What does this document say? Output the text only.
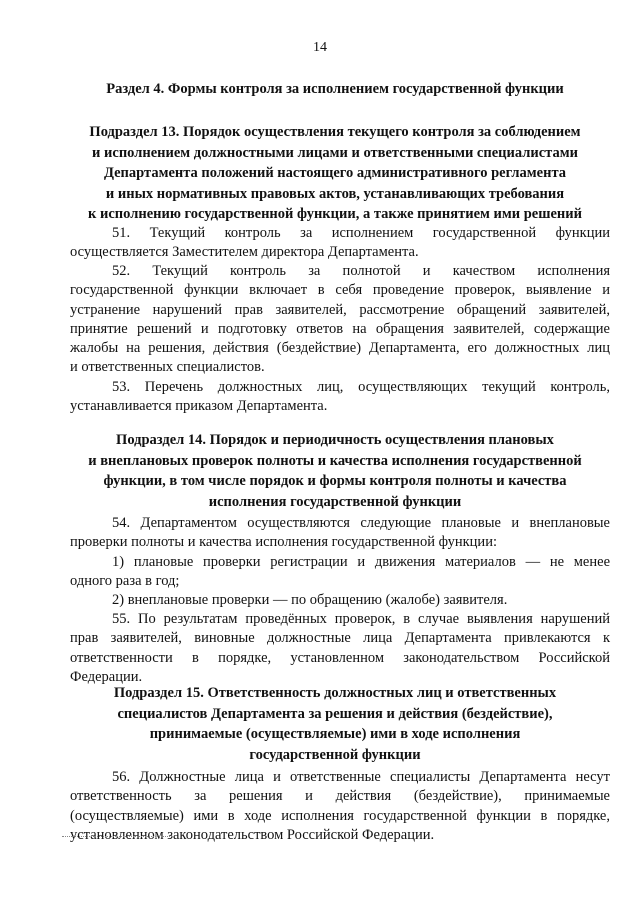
14
Раздел 4. Формы контроля за исполнением государственной функции
Подраздел 13. Порядок осуществления текущего контроля за соблюдением
и исполнением должностными лицами и ответственными специалистами
Департамента положений настоящего административного регламента
и иных нормативных правовых актов, устанавливающих требования
к исполнению государственной функции, а также принятием ими решений
51. Текущий контроль за исполнением государственной функции
осуществляется Заместителем директора Департамента.
52. Текущий контроль за полнотой и качеством исполнения
государственной функции включает в себя проведение проверок, выявление и
устранение нарушений прав заявителей, рассмотрение обращений заявителей,
принятие решений и подготовку ответов на обращения заявителей, содержащие
жалобы на решения, действия (бездействие) Департамента, его должностных лиц
и ответственных специалистов.
53. Перечень должностных лиц, осуществляющих текущий контроль,
устанавливается приказом Департамента.
Подраздел 14. Порядок и периодичность осуществления плановых
и внеплановых проверок полноты и качества исполнения государственной
функции, в том числе порядок и формы контроля полноты и качества
исполнения государственной функции
54. Департаментом осуществляются следующие плановые и внеплановые
проверки полноты и качества исполнения государственной функции:
1) плановые проверки регистрации и движения материалов — не менее
одного раза в год;
2) внеплановые проверки — по обращению (жалобе) заявителя.
55. По результатам проведённых проверок, в случае выявления нарушений
прав заявителей, виновные должностные лица Департамента привлекаются к
ответственности в порядке, установленном законодательством Российской
Федерации.
Подраздел 15. Ответственность должностных лиц и ответственных
специалистов Департамента за решения и действия (бездействие),
принимаемые (осуществляемые) ими в ходе исполнения
государственной функции
56. Должностные лица и ответственные специалисты Департамента несут
ответственность за решения и действия (бездействие), принимаемые
(осуществляемые) ими в ходе исполнения государственной функции в порядке,
установленном законодательством Российской Федерации.
